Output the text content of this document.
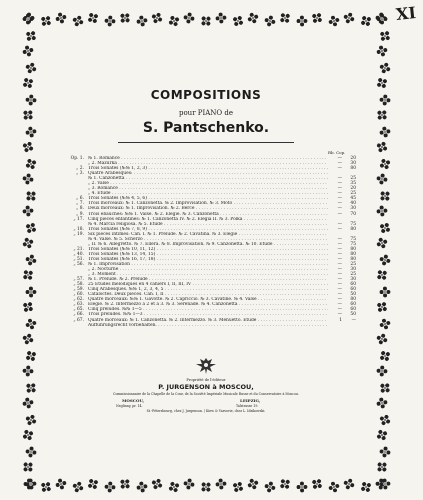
COMPOSITIONS
pour PIANO de
S. Pantschenko.
Rb. Cop.
Op. 1. № 1. Romance . . .	—	20
„ 2. Mazurka . . .	—	30
„ 2. Trois Sonates (№№ 1, 2, 3) . . .	—	80
„ 3. Quatre Arabesques: . . .
№ 1. Canzonetta . . .	—	25
„ 2. Valse . . .	—	35
„ 3. Romance . . .	—	20
„ 4. Etude . . .	—	25
„ 6. Trois Sonates (№№ 4, 5, 6) . . .	—	45
„ 7. Trois morceaux: № 1. Canzonetta. № 2. Improvisation. № 3. Moto . . .	—	40
„ 8. Deux morceaux: № 1. Improvisation. № 2. Berce . . .	—	30
„ 9. Trois ébauches: №№ 1. Valse. № 2. Elégie. № 3. Canzonetta . . .	—	70
„ 17. Cinq pièces enfantines: № 1. Canzonetta IV. № 2. Elégia II. № 3. Polka . . .
№ 4. Marcia religiosa. № 5. Etude . . .	—	75
„ 18. Trois Sonates (№№ 7, 8, 9) . . .	—	80
„ 19. Six pièces intimes: Cah. I. № 1. Prélude. № 2. Cavatina. № 3. Elegie . . .
№ 4. Valse. № 5. Scherzo . . .	—	75
„ II. № 6. Allegretto. № 7. Elléra. № 8. Improvisation. № 9. Canzonetta. № 10. Etude . . .	—	75
„ 21. Trois Sonates (№№ 10, 11, 12) . . .	—	80
„ 40. Trois Sonates (№№ 13, 14, 15) . . .	—	80
„ 51. Trois Sonates (№№ 16, 17, 18) . . .	—	80
„ 56. № 1. Improvisation . . .	—	25
„ 2. Nocturne . . .	—	30
„ 3. Moment . . .	—	25
„ 57. № 1. Prélude. № 2. Prélude . . .	—	30
„ 58. 25 Etudes mélodiques en 4 cahiers I, II, III, IV . . .	—	60
„ 59. Cinq Arabesques. №№ 1, 2, 3, 4, 5 . . .	—	60
„ 60. Cataloctes. Deux pièces. Cah. I, II . . .	—	50
„ 62. Quatre morceaux: №№ 1. Gavotte. № 2. Capriccio. № 3. Cavatine. № 4. Valse . . .	—	80
„ 63. Elégie. № 2. Intermezzo à 2 et à 3. № 3. Sérénade. № 4. Canzonetta . . .	—	60
„ 65. Cinq préludes. №№ 1—5 . . .	—	60
„ 66. Trois préludes. №№ 1—3 . . .	—	50
„ 67. Quatre morceaux: № 1. Canzonetta. № 2. Intermezzo. № 3. Menuetto. Etude . . .	1	—
Aufführungsrecht vorbehalten. . . .
Propriété de l'éditeur
P. JURGENSON à MOSCOU,
Commissionnaire de la Chapelle de la Cour, de la Société Impériale Musicale Russe et du Conservatoire à Moscou.
MOSCOU,	LEIPZIG,
Neglinny, pr. 14.	Talstrasse 19.
St.-Pétersbourg, chez J. Jurgenson. | Kiew & Varsovie, chez L. Idzikowski.
XI
